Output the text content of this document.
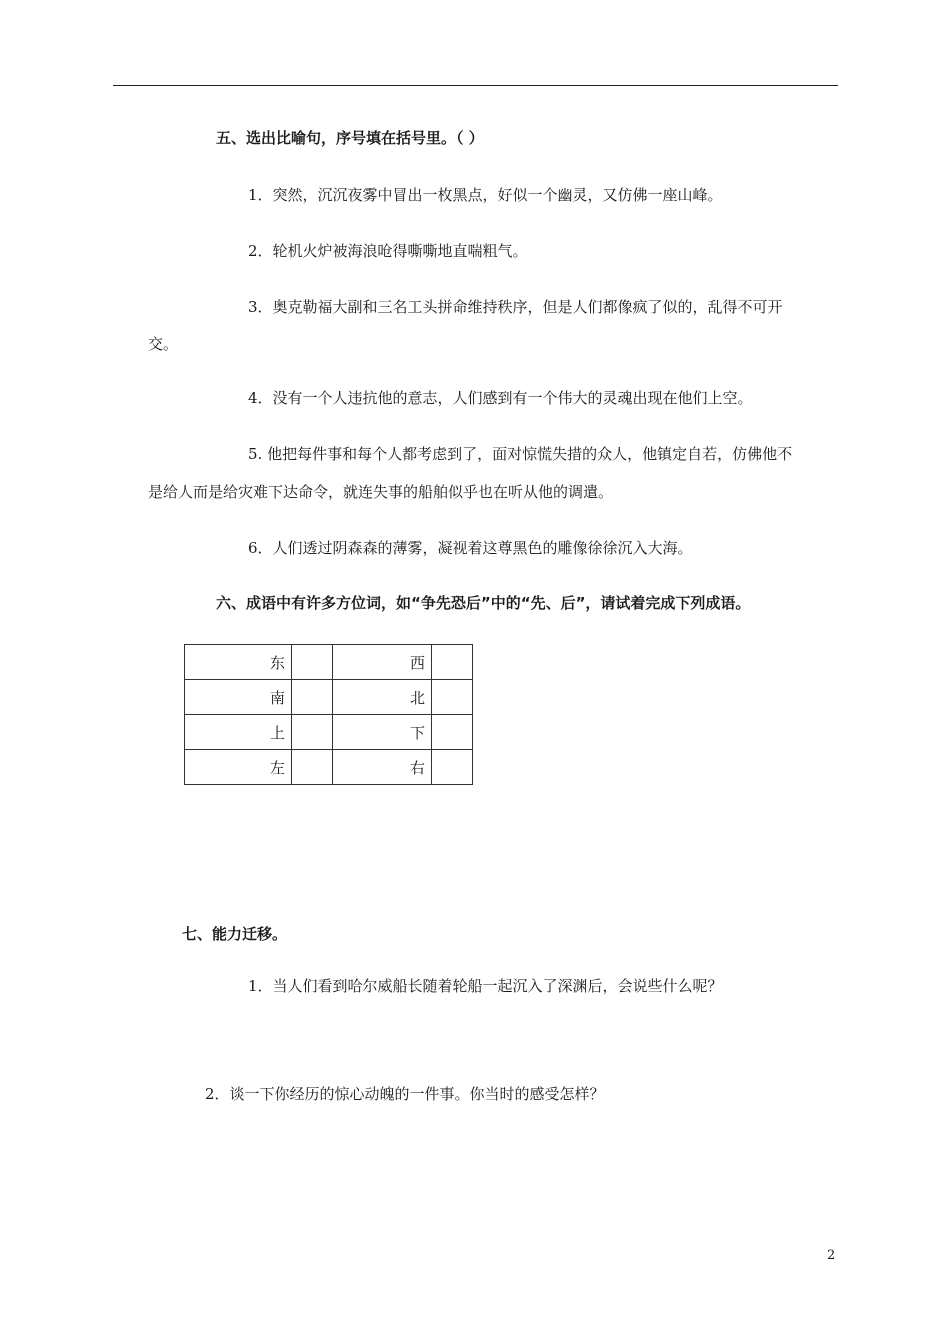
五、选出比喻句，序号填在括号里。（ ）
1．突然，沉沉夜雾中冒出一枚黑点，好似一个幽灵，又仿佛一座山峰。
2．轮机火炉被海浪呛得嘶嘶地直喘粗气。
3．奥克勒福大副和三名工头拼命维持秩序，但是人们都像疯了似的，乱得不可开
交。
4．没有一个人违抗他的意志，人们感到有一个伟大的灵魂出现在他们上空。
5. 他把每件事和每个人都考虑到了，面对惊慌失措的众人，他镇定自若，仿佛他不
是给人而是给灾难下达命令，就连失事的船舶似乎也在听从他的调遣。
6．人们透过阴森森的薄雾，凝视着这尊黑色的雕像徐徐沉入大海。
六、成语中有许多方位词，如“争先恐后”中的“先、后”，请试着完成下列成语。
东		西	
南		北	
上		下	
左		右	
七、能力迁移。
1．当人们看到哈尔威船长随着轮船一起沉入了深渊后，会说些什么呢？
2．谈一下你经历的惊心动魄的一件事。你当时的感受怎样？
2
